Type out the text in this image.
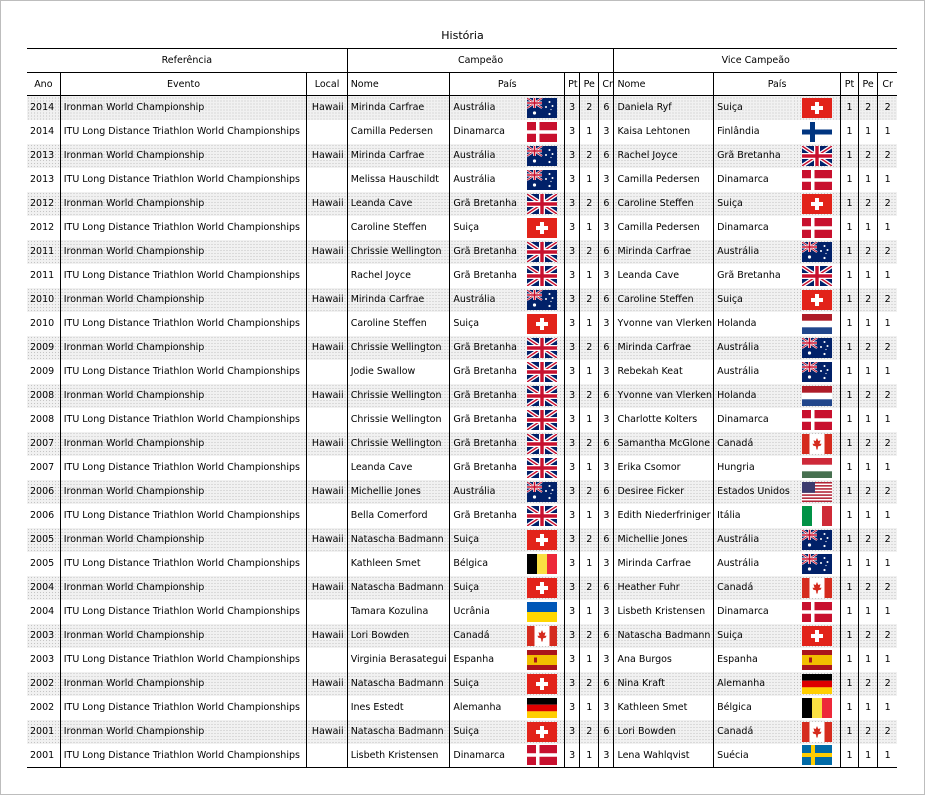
História
Referência			Campeão						Vice Campeão					
Ano	Evento	Local	Nome	País		Pt	Pe	Cr	Nome	País		Pt	Pe	Cr
2014	Ironman World Championship	Hawaii	Mirinda Carfrae	Austrália		3	2	6	Daniela Ryf	Suiça		1	2	2
2014	ITU Long Distance Triathlon World Championships		Camilla Pedersen	Dinamarca		3	1	3	Kaisa Lehtonen	Finlândia		1	1	1
2013	Ironman World Championship	Hawaii	Mirinda Carfrae	Austrália		3	2	6	Rachel Joyce	Grã Bretanha		1	2	2
2013	ITU Long Distance Triathlon World Championships		Melissa Hauschildt	Austrália		3	1	3	Camilla Pedersen	Dinamarca		1	1	1
2012	Ironman World Championship	Hawaii	Leanda Cave	Grã Bretanha		3	2	6	Caroline Steffen	Suiça		1	2	2
2012	ITU Long Distance Triathlon World Championships		Caroline Steffen	Suiça		3	1	3	Camilla Pedersen	Dinamarca		1	1	1
2011	Ironman World Championship	Hawaii	Chrissie Wellington	Grã Bretanha		3	2	6	Mirinda Carfrae	Austrália		1	2	2
2011	ITU Long Distance Triathlon World Championships		Rachel Joyce	Grã Bretanha		3	1	3	Leanda Cave	Grã Bretanha		1	1	1
2010	Ironman World Championship	Hawaii	Mirinda Carfrae	Austrália		3	2	6	Caroline Steffen	Suiça		1	2	2
2010	ITU Long Distance Triathlon World Championships		Caroline Steffen	Suiça		3	1	3	Yvonne van Vlerken	Holanda		1	1	1
2009	Ironman World Championship	Hawaii	Chrissie Wellington	Grã Bretanha		3	2	6	Mirinda Carfrae	Austrália		1	2	2
2009	ITU Long Distance Triathlon World Championships		Jodie Swallow	Grã Bretanha		3	1	3	Rebekah Keat	Austrália		1	1	1
2008	Ironman World Championship	Hawaii	Chrissie Wellington	Grã Bretanha		3	2	6	Yvonne van Vlerken	Holanda		1	2	2
2008	ITU Long Distance Triathlon World Championships		Chrissie Wellington	Grã Bretanha		3	1	3	Charlotte Kolters	Dinamarca		1	1	1
2007	Ironman World Championship	Hawaii	Chrissie Wellington	Grã Bretanha		3	2	6	Samantha McGlone	Canadá		1	2	2
2007	ITU Long Distance Triathlon World Championships		Leanda Cave	Grã Bretanha		3	1	3	Erika Csomor	Hungria		1	1	1
2006	Ironman World Championship	Hawaii	Michellie Jones	Austrália		3	2	6	Desiree Ficker	Estados Unidos		1	2	2
2006	ITU Long Distance Triathlon World Championships		Bella Comerford	Grã Bretanha		3	1	3	Edith Niederfriniger	Itália		1	1	1
2005	Ironman World Championship	Hawaii	Natascha Badmann	Suiça		3	2	6	Michellie Jones	Austrália		1	2	2
2005	ITU Long Distance Triathlon World Championships		Kathleen Smet	Bélgica		3	1	3	Mirinda Carfrae	Austrália		1	1	1
2004	Ironman World Championship	Hawaii	Natascha Badmann	Suiça		3	2	6	Heather Fuhr	Canadá		1	2	2
2004	ITU Long Distance Triathlon World Championships		Tamara Kozulina	Ucrânia		3	1	3	Lisbeth Kristensen	Dinamarca		1	1	1
2003	Ironman World Championship	Hawaii	Lori Bowden	Canadá		3	2	6	Natascha Badmann	Suiça		1	2	2
2003	ITU Long Distance Triathlon World Championships		Virginia Berasategui	Espanha		3	1	3	Ana Burgos	Espanha		1	1	1
2002	Ironman World Championship	Hawaii	Natascha Badmann	Suiça		3	2	6	Nina Kraft	Alemanha		1	2	2
2002	ITU Long Distance Triathlon World Championships		Ines Estedt	Alemanha		3	1	3	Kathleen Smet	Bélgica		1	1	1
2001	Ironman World Championship	Hawaii	Natascha Badmann	Suiça		3	2	6	Lori Bowden	Canadá		1	2	2
2001	ITU Long Distance Triathlon World Championships		Lisbeth Kristensen	Dinamarca		3	1	3	Lena Wahlqvist	Suécia		1	1	1
